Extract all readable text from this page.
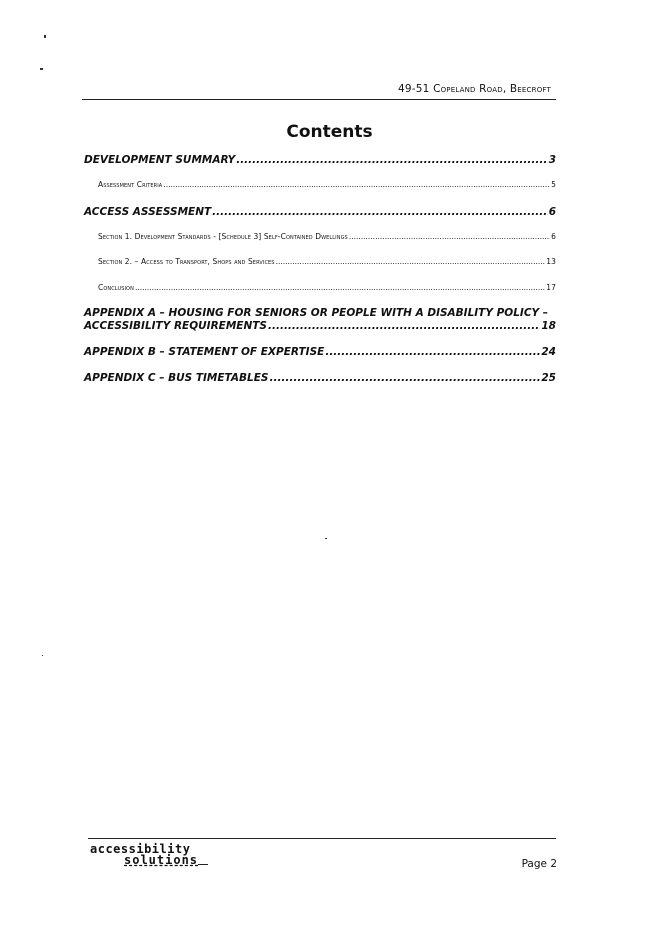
49-51 Copeland Road, Beecroft
Contents
DEVELOPMENT SUMMARY .....	3
Assessment Criteria .....	5
ACCESS ASSESSMENT .....	6
Section 1. Development Standards - [Schedule 3] Self-Contained Dwellings .....	6
Section 2. – Access to Transport, Shops and Services .....	13
Conclusion .....	17
APPENDIX A – HOUSING FOR SENIORS OR PEOPLE WITH A DISABILITY POLICY –
ACCESSIBILITY REQUIREMENTS .....	18
APPENDIX B – STATEMENT OF EXPERTISE .....	24
APPENDIX C – BUS TIMETABLES .....	25
accessibility
solutions	Page 2
